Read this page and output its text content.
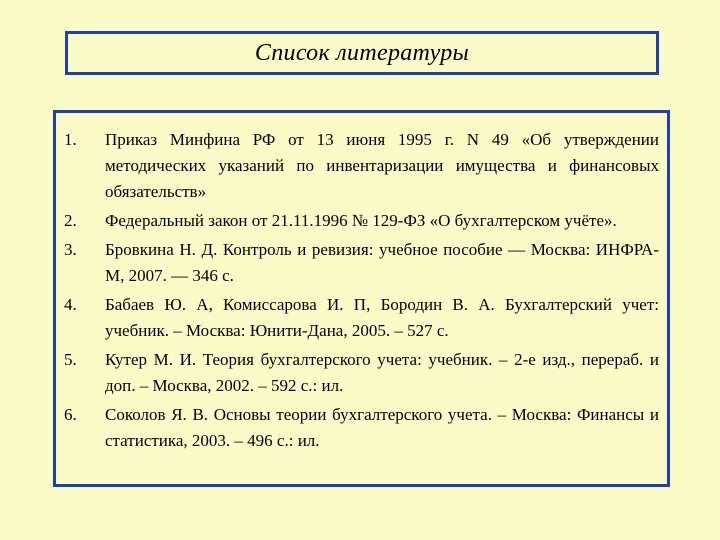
Список литературы
1.	Приказ Минфина РФ от 13 июня 1995 г. N 49 «Об утверждении методических указаний по инвентаризации имущества и финансовых обязательств»
2.	Федеральный закон от 21.11.1996 № 129-ФЗ «О бухгалтерском учёте».
3.	Бровкина Н. Д. Контроль и ревизия: учебное пособие — Москва: ИНФРА-М, 2007. — 346 с.
4.	Бабаев Ю. А, Комиссарова И. П, Бородин В. А. Бухгалтерский учет: учебник. – Москва: Юнити-Дана, 2005. – 527 с.
5.	Кутер М. И. Теория бухгалтерского учета: учебник. – 2-е изд., перераб. и доп. – Москва, 2002. – 592 с.: ил.
6.	Соколов Я. В. Основы теории бухгалтерского учета. – Москва: Финансы и статистика, 2003. – 496 с.: ил.
